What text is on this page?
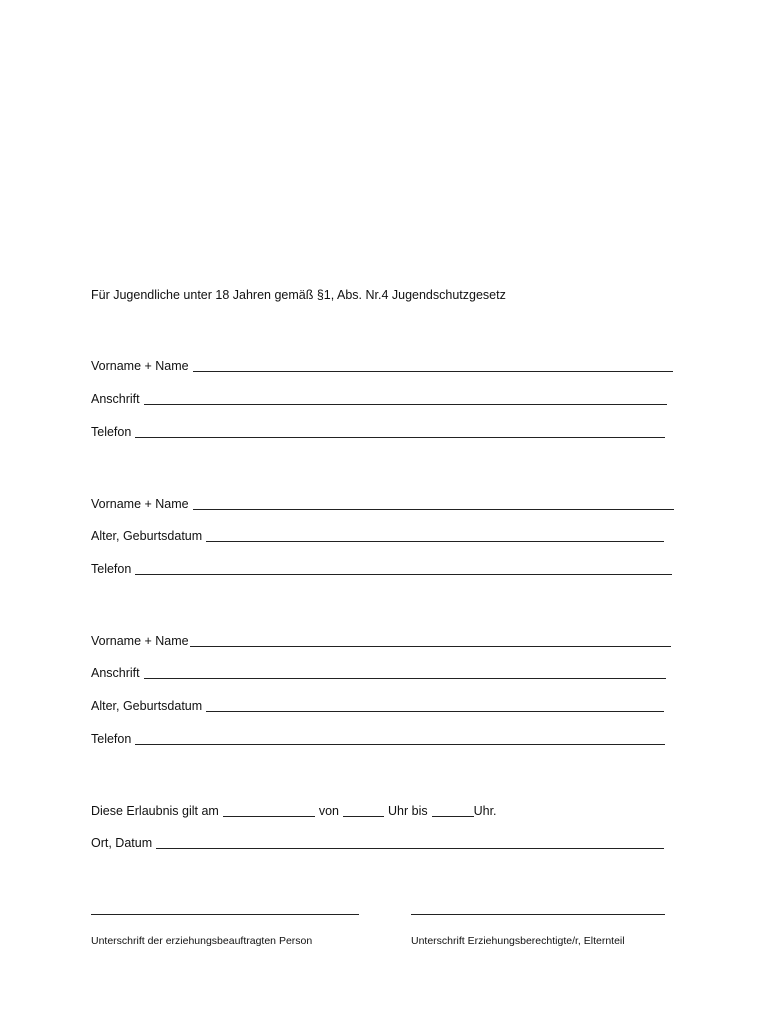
Für Jugendliche unter 18 Jahren gemäß §1, Abs. Nr.4 Jugendschutzgesetz
Vorname + Name
Anschrift
Telefon
Vorname + Name
Alter, Geburtsdatum
Telefon
Vorname + Name
Anschrift
Alter, Geburtsdatum
Telefon
Diese Erlaubnis gilt am	von	Uhr bis	Uhr.
Ort, Datum
Unterschrift der erziehungsbeauftragten Person	Unterschrift Erziehungsberechtigte/r, Elternteil
